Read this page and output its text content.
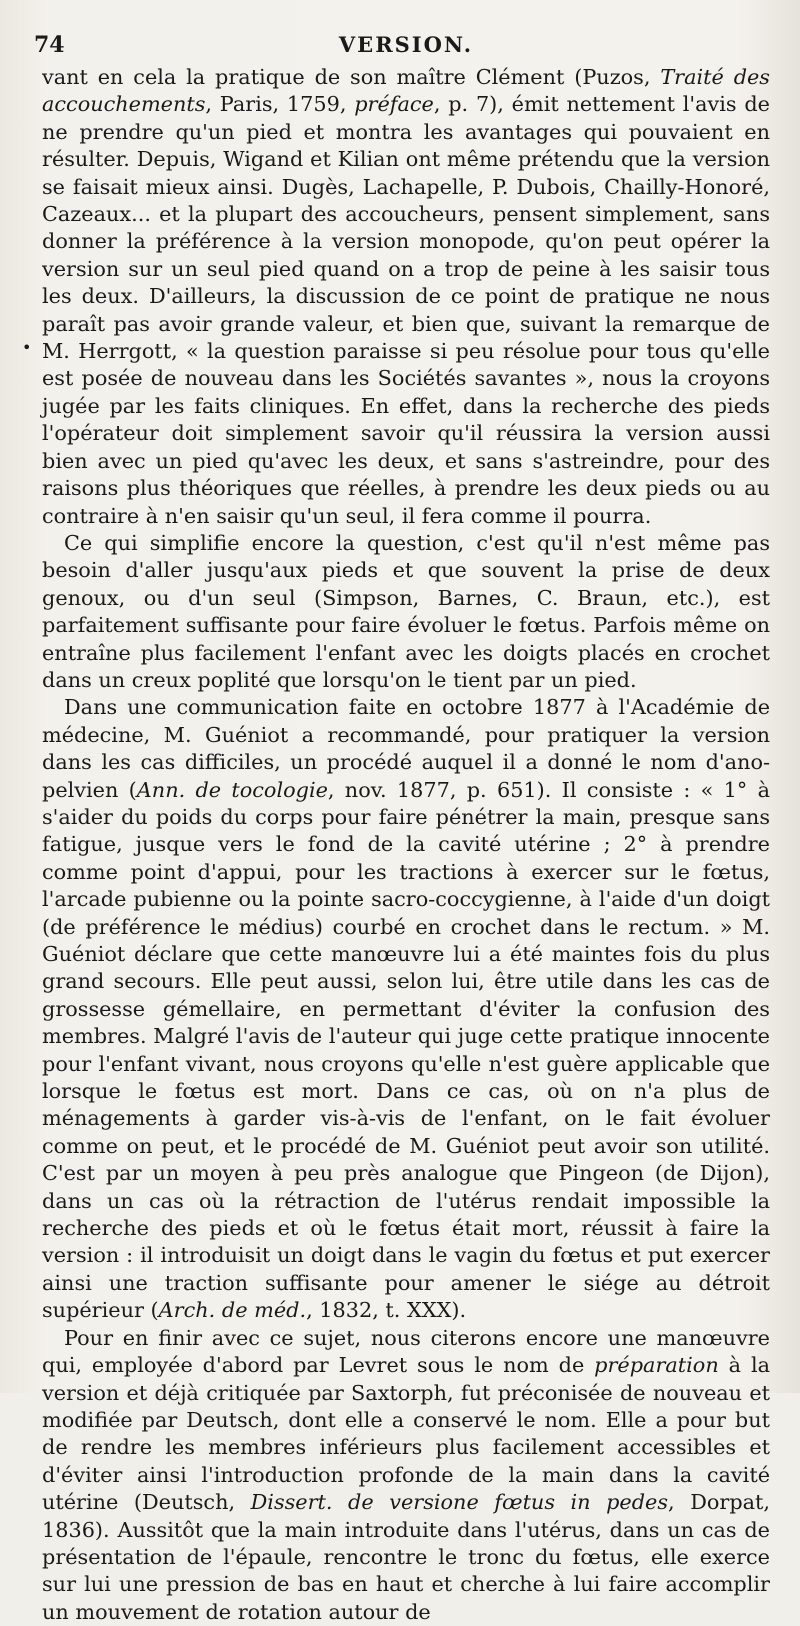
74	VERSION.
•

vant en cela la pratique de son maître Clément (Puzos, Traité des accouchements, Paris, 1759, préface, p. 7), émit nettement l'avis de ne prendre qu'un pied et montra les avantages qui pouvaient en résulter. Depuis, Wigand et Kilian ont même prétendu que la version se faisait mieux ainsi. Dugès, Lachapelle, P. Dubois, Chailly-Honoré, Cazeaux... et la plupart des accoucheurs, pensent simplement, sans donner la préférence à la version monopode, qu'on peut opérer la version sur un seul pied quand on a trop de peine à les saisir tous les deux. D'ailleurs, la discussion de ce point de pratique ne nous paraît pas avoir grande valeur, et bien que, suivant la remarque de M. Herrgott, « la question paraisse si peu résolue pour tous qu'elle est posée de nouveau dans les Sociétés savantes », nous la croyons jugée par les faits cliniques. En effet, dans la recherche des pieds l'opérateur doit simplement savoir qu'il réussira la version aussi bien avec un pied qu'avec les deux, et sans s'astreindre, pour des raisons plus théoriques que réelles, à prendre les deux pieds ou au contraire à n'en saisir qu'un seul, il fera comme il pourra.

Ce qui simplifie encore la question, c'est qu'il n'est même pas besoin d'aller jusqu'aux pieds et que souvent la prise de deux genoux, ou d'un seul (Simpson, Barnes, C. Braun, etc.), est parfaitement suffisante pour faire évoluer le fœtus. Parfois même on entraîne plus facilement l'enfant avec les doigts placés en crochet dans un creux poplité que lorsqu'on le tient par un pied.

Dans une communication faite en octobre 1877 à l'Académie de médecine, M. Guéniot a recommandé, pour pratiquer la version dans les cas difficiles, un procédé auquel il a donné le nom d'ano-pelvien (Ann. de tocologie, nov. 1877, p. 651). Il consiste : « 1° à s'aider du poids du corps pour faire pénétrer la main, presque sans fatigue, jusque vers le fond de la cavité utérine ; 2° à prendre comme point d'appui, pour les tractions à exercer sur le fœtus, l'arcade pubienne ou la pointe sacro-coccygienne, à l'aide d'un doigt (de préférence le médius) courbé en crochet dans le rectum. » M. Guéniot déclare que cette manœuvre lui a été maintes fois du plus grand secours. Elle peut aussi, selon lui, être utile dans les cas de grossesse gémellaire, en permettant d'éviter la confusion des membres. Malgré l'avis de l'auteur qui juge cette pratique innocente pour l'enfant vivant, nous croyons qu'elle n'est guère applicable que lorsque le fœtus est mort. Dans ce cas, où on n'a plus de ménagements à garder vis-à-vis de l'enfant, on le fait évoluer comme on peut, et le procédé de M. Guéniot peut avoir son utilité. C'est par un moyen à peu près analogue que Pingeon (de Dijon), dans un cas où la rétraction de l'utérus rendait impossible la recherche des pieds et où le fœtus était mort, réussit à faire la version : il introduisit un doigt dans le vagin du fœtus et put exercer ainsi une traction suffisante pour amener le siége au détroit supérieur (Arch. de méd., 1832, t. XXX).

Pour en finir avec ce sujet, nous citerons encore une manœuvre qui, employée d'abord par Levret sous le nom de préparation à la version et déjà critiquée par Saxtorph, fut préconisée de nouveau et modifiée par Deutsch, dont elle a conservé le nom. Elle a pour but de rendre les membres inférieurs plus facilement accessibles et d'éviter ainsi l'introduction profonde de la main dans la cavité utérine (Deutsch, Dissert. de versione fœtus in pedes, Dorpat, 1836). Aussitôt que la main introduite dans l'utérus, dans un cas de présentation de l'épaule, rencontre le tronc du fœtus, elle exerce sur lui une pression de bas en haut et cherche à lui faire accomplir un mouvement de rotation autour de
